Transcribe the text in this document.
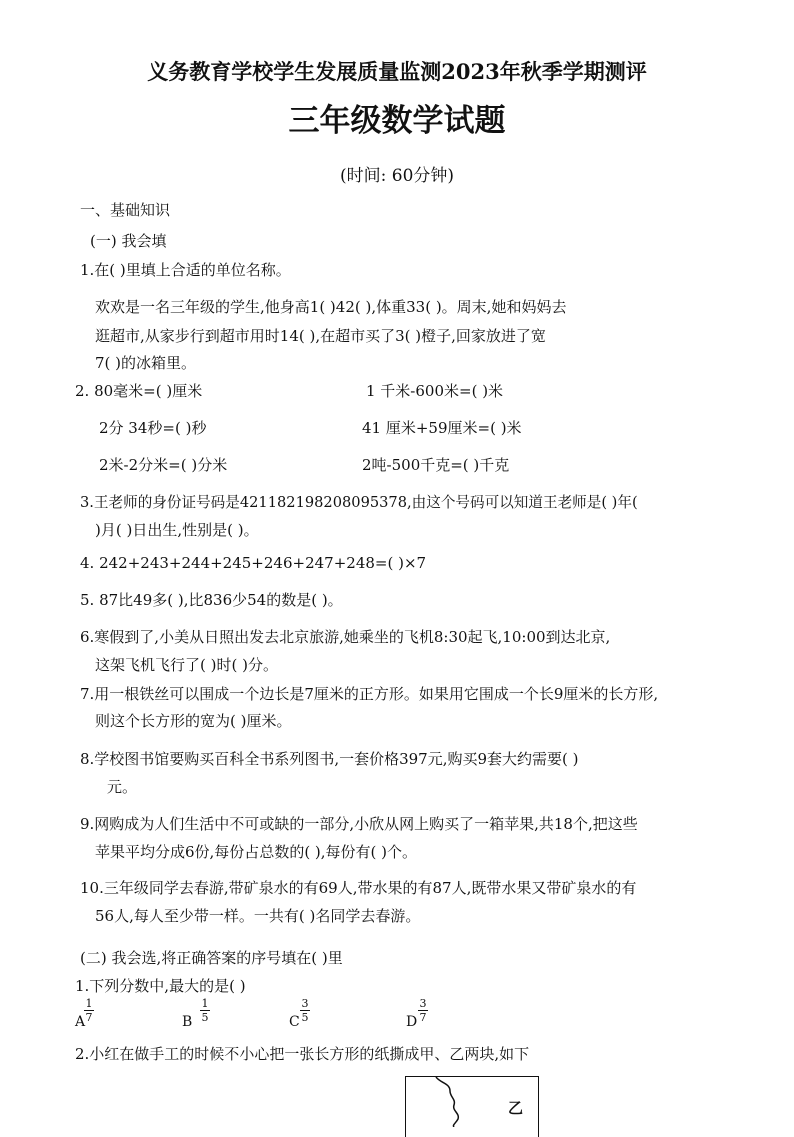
义务教育学校学生发展质量监测2023年秋季学期测评
三年级数学试题
(时间: 60分钟)
一、基础知识
(一) 我会填
1.在( )里填上合适的单位名称。
欢欢是一名三年级的学生,他身高1( )42( ),体重33( )。周末,她和妈妈去
逛超市,从家步行到超市用时14( ),在超市买了3( )橙子,回家放进了宽
7( )的冰箱里。
2. 80毫米=( )厘米	1 千米-600米=( )米
2分 34秒=( )秒	41 厘米+59厘米=( )米
2米-2分米=( )分米	2吨-500千克=( )千克
3.王老师的身份证号码是421182198208095378,由这个号码可以知道王老师是( )年(
)月( )日出生,性别是( )。
4. 242+243+244+245+246+247+248=( )×7
5. 87比49多( ),比836少54的数是( )。
6.寒假到了,小美从日照出发去北京旅游,她乘坐的飞机8:30起飞,10:00到达北京,
这架飞机飞行了( )时( )分。
7.用一根铁丝可以围成一个边长是7厘米的正方形。如果用它围成一个长9厘米的长方形,
则这个长方形的宽为( )厘米。
8.学校图书馆要购买百科全书系列图书,一套价格397元,购买9套大约需要( )
元。
9.网购成为人们生活中不可或缺的一部分,小欣从网上购买了一箱苹果,共18个,把这些
苹果平均分成6份,每份占总数的( ),每份有( )个。
10.三年级同学去春游,带矿泉水的有69人,带水果的有87人,既带水果又带矿泉水的有
56人,每人至少带一样。一共有( )名同学去春游。
(二) 我会选,将正确答案的序号填在( )里
1.下列分数中,最大的是( )
A
1
7	B
1
5	C
3
5	D
3
7
2.小红在做手工的时候不小心把一张长方形的纸撕成甲、乙两块,如下
乙
